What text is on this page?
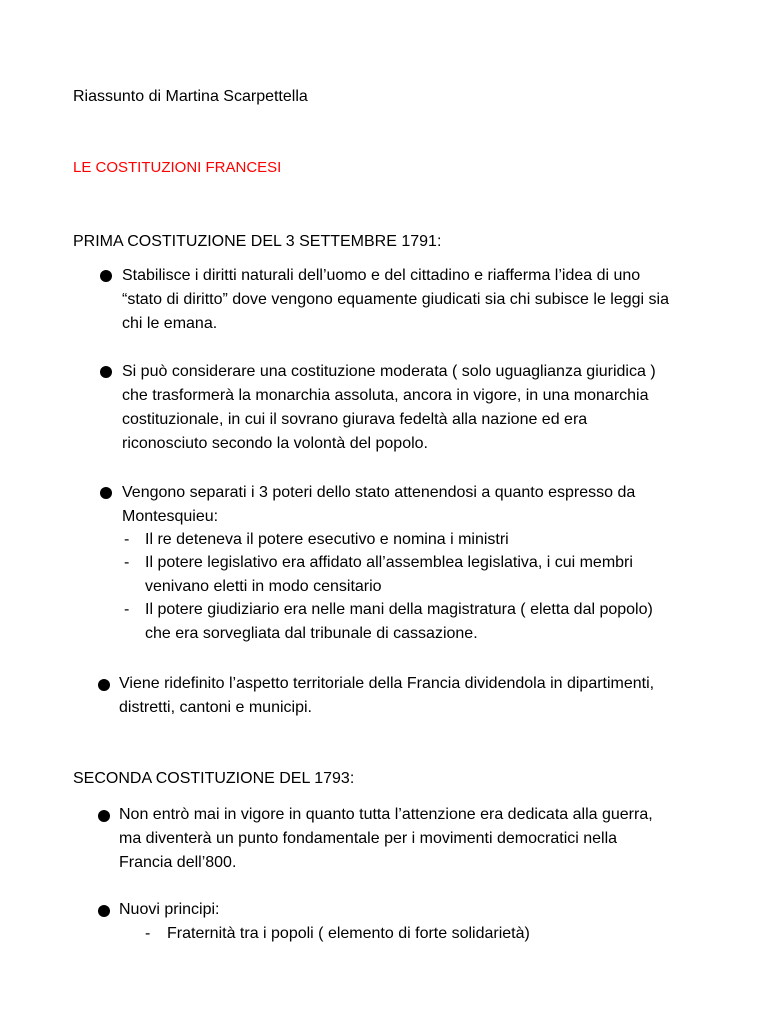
Riassunto di Martina Scarpettella
LE COSTITUZIONI FRANCESI
PRIMA COSTITUZIONE DEL 3 SETTEMBRE 1791:
Stabilisce i diritti naturali dell’uomo e del cittadino e riafferma l’idea di uno
“stato di diritto” dove vengono equamente giudicati sia chi subisce le leggi sia
chi le emana.
Si può considerare una costituzione moderata ( solo uguaglianza giuridica )
che trasformerà la monarchia assoluta, ancora in vigore, in una monarchia
costituzionale, in cui il sovrano giurava fedeltà alla nazione ed era
riconosciuto secondo la volontà del popolo.
Vengono separati i 3 poteri dello stato attenendosi a quanto espresso da
Montesquieu:
- Il re deteneva il potere esecutivo e nomina i ministri
- Il potere legislativo era affidato all’assemblea legislativa, i cui membri
venivano eletti in modo censitario
- Il potere giudiziario era nelle mani della magistratura ( eletta dal popolo)
che era sorvegliata dal tribunale di cassazione.
Viene ridefinito l’aspetto territoriale della Francia dividendola in dipartimenti,
distretti, cantoni e municipi.
SECONDA COSTITUZIONE DEL 1793:
Non entrò mai in vigore in quanto tutta l’attenzione era dedicata alla guerra,
ma diventerà un punto fondamentale per i movimenti democratici nella
Francia dell’800.
Nuovi principi:
- Fraternità tra i popoli ( elemento di forte solidarietà)
